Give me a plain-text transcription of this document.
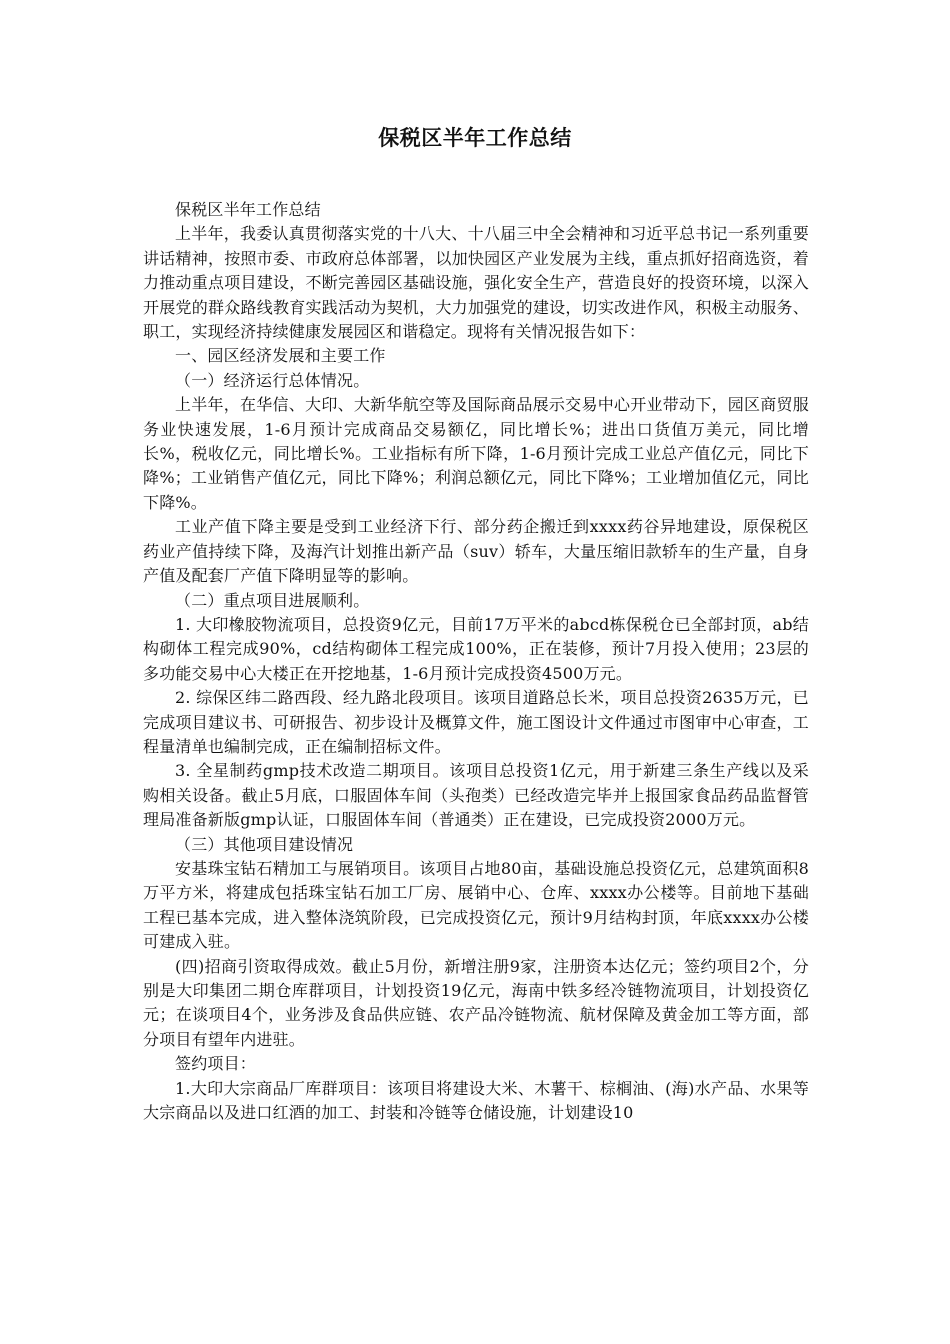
保税区半年工作总结

保税区半年工作总结

上半年，我委认真贯彻落实党的十八大、十八届三中全会精神和习近平总书记一系列重要讲话精神，按照市委、市政府总体部署，以加快园区产业发展为主线，重点抓好招商选资，着力推动重点项目建设，不断完善园区基础设施，强化安全生产，营造良好的投资环境，以深入开展党的群众路线教育实践活动为契机，大力加强党的建设，切实改进作风，积极主动服务、职工，实现经济持续健康发展园区和谐稳定。现将有关情况报告如下：

一、园区经济发展和主要工作

（一）经济运行总体情况。

上半年，在华信、大印、大新华航空等及国际商品展示交易中心开业带动下，园区商贸服务业快速发展，1-6月预计完成商品交易额亿，同比增长%；进出口货值万美元，同比增长%，税收亿元，同比增长%。工业指标有所下降，1-6月预计完成工业总产值亿元，同比下降%；工业销售产值亿元，同比下降%；利润总额亿元，同比下降%；工业增加值亿元，同比下降%。

工业产值下降主要是受到工业经济下行、部分药企搬迁到xxxx药谷异地建设，原保税区药业产值持续下降，及海汽计划推出新产品（suv）轿车，大量压缩旧款轿车的生产量，自身产值及配套厂产值下降明显等的影响。

（二）重点项目进展顺利。

1. 大印橡胶物流项目，总投资9亿元，目前17万平米的abcd栋保税仓已全部封顶，ab结构砌体工程完成90%，cd结构砌体工程完成100%，正在装修，预计7月投入使用；23层的多功能交易中心大楼正在开挖地基，1-6月预计完成投资4500万元。

2. 综保区纬二路西段、经九路北段项目。该项目道路总长米，项目总投资2635万元，已完成项目建议书、可研报告、初步设计及概算文件，施工图设计文件通过市图审中心审查，工程量清单也编制完成，正在编制招标文件。

3. 全星制药gmp技术改造二期项目。该项目总投资1亿元，用于新建三条生产线以及采购相关设备。截止5月底，口服固体车间（头孢类）已经改造完毕并上报国家食品药品监督管理局准备新版gmp认证，口服固体车间（普通类）正在建设，已完成投资2000万元。

（三）其他项目建设情况

安基珠宝钻石精加工与展销项目。该项目占地80亩，基础设施总投资亿元，总建筑面积8万平方米，将建成包括珠宝钻石加工厂房、展销中心、仓库、xxxx办公楼等。目前地下基础工程已基本完成，进入整体浇筑阶段，已完成投资亿元，预计9月结构封顶，年底xxxx办公楼可建成入驻。

(四)招商引资取得成效。截止5月份，新增注册9家，注册资本达亿元；签约项目2个，分别是大印集团二期仓库群项目，计划投资19亿元，海南中铁多经冷链物流项目，计划投资亿元；在谈项目4个，业务涉及食品供应链、农产品冷链物流、航材保障及黄金加工等方面，部分项目有望年内进驻。

签约项目：

1.大印大宗商品厂库群项目：该项目将建设大米、木薯干、棕榈油、(海)水产品、水果等大宗商品以及进口红酒的加工、封装和冷链等仓储设施，计划建设10
